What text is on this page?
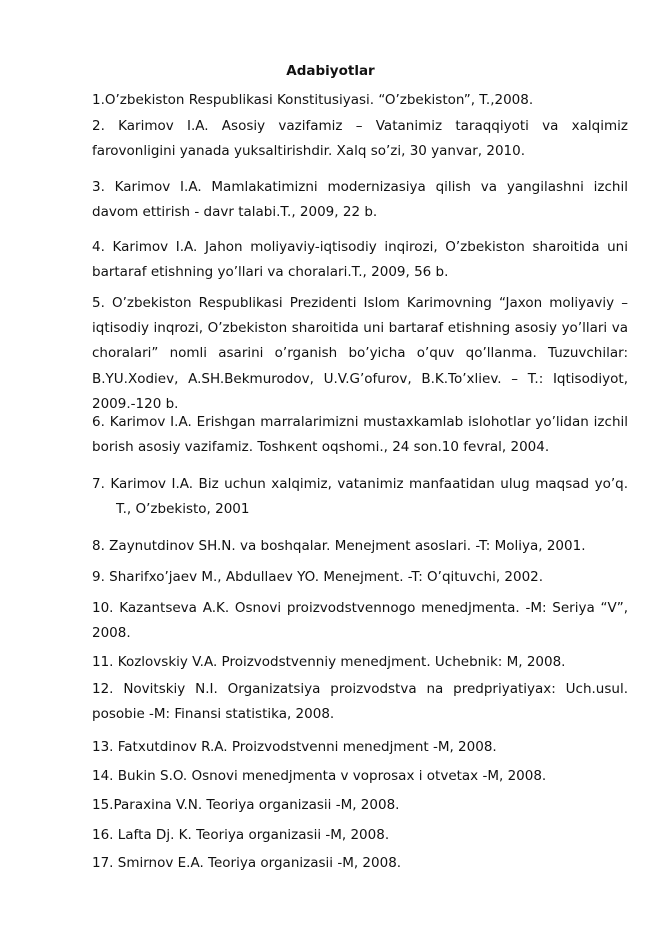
Adabiyotlar

1.O’zbekiston Respublikasi Konstitusiyasi. “O’zbekiston”, T.,2008.

2. Karimov I.A. Asosiy vazifamiz – Vatanimiz taraqqiyoti va xalqimiz farovonligini yanada yuksaltirishdir. Xalq so’zi, 30 yanvar, 2010.

3. Karimov I.A. Mamlakatimizni modernizasiya qilish va yangilashni izchil davom ettirish - davr talabi.T., 2009, 22 b.

4. Karimov I.A. Jahon moliyaviy-iqtisodiy inqirozi, O’zbekiston sharoitida uni bartaraf etishning yo’llari va choralari.T., 2009, 56 b.

5. O’zbekiston Respublikasi Prezidenti Islom Karimovning “Jaxon moliyaviy – iqtisodiy inqrozi, O’zbekiston sharoitida uni bartaraf etishning asosiy yo’llari va choralari” nomli asarini o’rganish bo’yicha o’quv qo’llanma. Tuzuvchilar: B.YU.Xodiev, A.SH.Bekmurodov, U.V.G’ofurov, B.K.To’xliev. – T.: Iqtisodiyot, 2009.-120 b.

6. Karimov I.A. Erishgan marralarimizni mustaxkamlab islohotlar yo’lidan izchil borish asosiy vazifamiz. Toshкent oqshomi., 24 son.10 fevral, 2004.

7. Karimov I.A. Biz uchun xalqimiz, vatanimiz manfaatidan ulug maqsad yo’q. T., O’zbekisto, 2001

8. Zaynutdinov SH.N. va boshqalar. Menejment asoslari. -T: Moliya, 2001.

9. Sharifxo’jaev M., Abdullaev YO. Menejment. -T: O’qituvchi, 2002.

10. Kazantseva A.K. Osnovi proizvodstvennogo menedjmenta. -M: Seriya “V”, 2008.

11. Kozlovskiy V.A. Proizvodstvenniy menedjment. Uchebnik: M, 2008.

12. Novitskiy N.I. Organizatsiya proizvodstva na predpriyatiyax: Uch.usul. posobie -M: Finansi statistika, 2008.

13. Fatxutdinov R.A. Proizvodstvenni menedjment -M, 2008.

14. Bukin S.O. Osnovi menedjmenta v voprosax i otvetax -M, 2008.

15.Paraxina V.N. Teoriya organizasii -M, 2008.

16. Lafta Dj. K. Teoriya organizasii -M, 2008.

17. Smirnov E.A. Teoriya organizasii -M, 2008.
